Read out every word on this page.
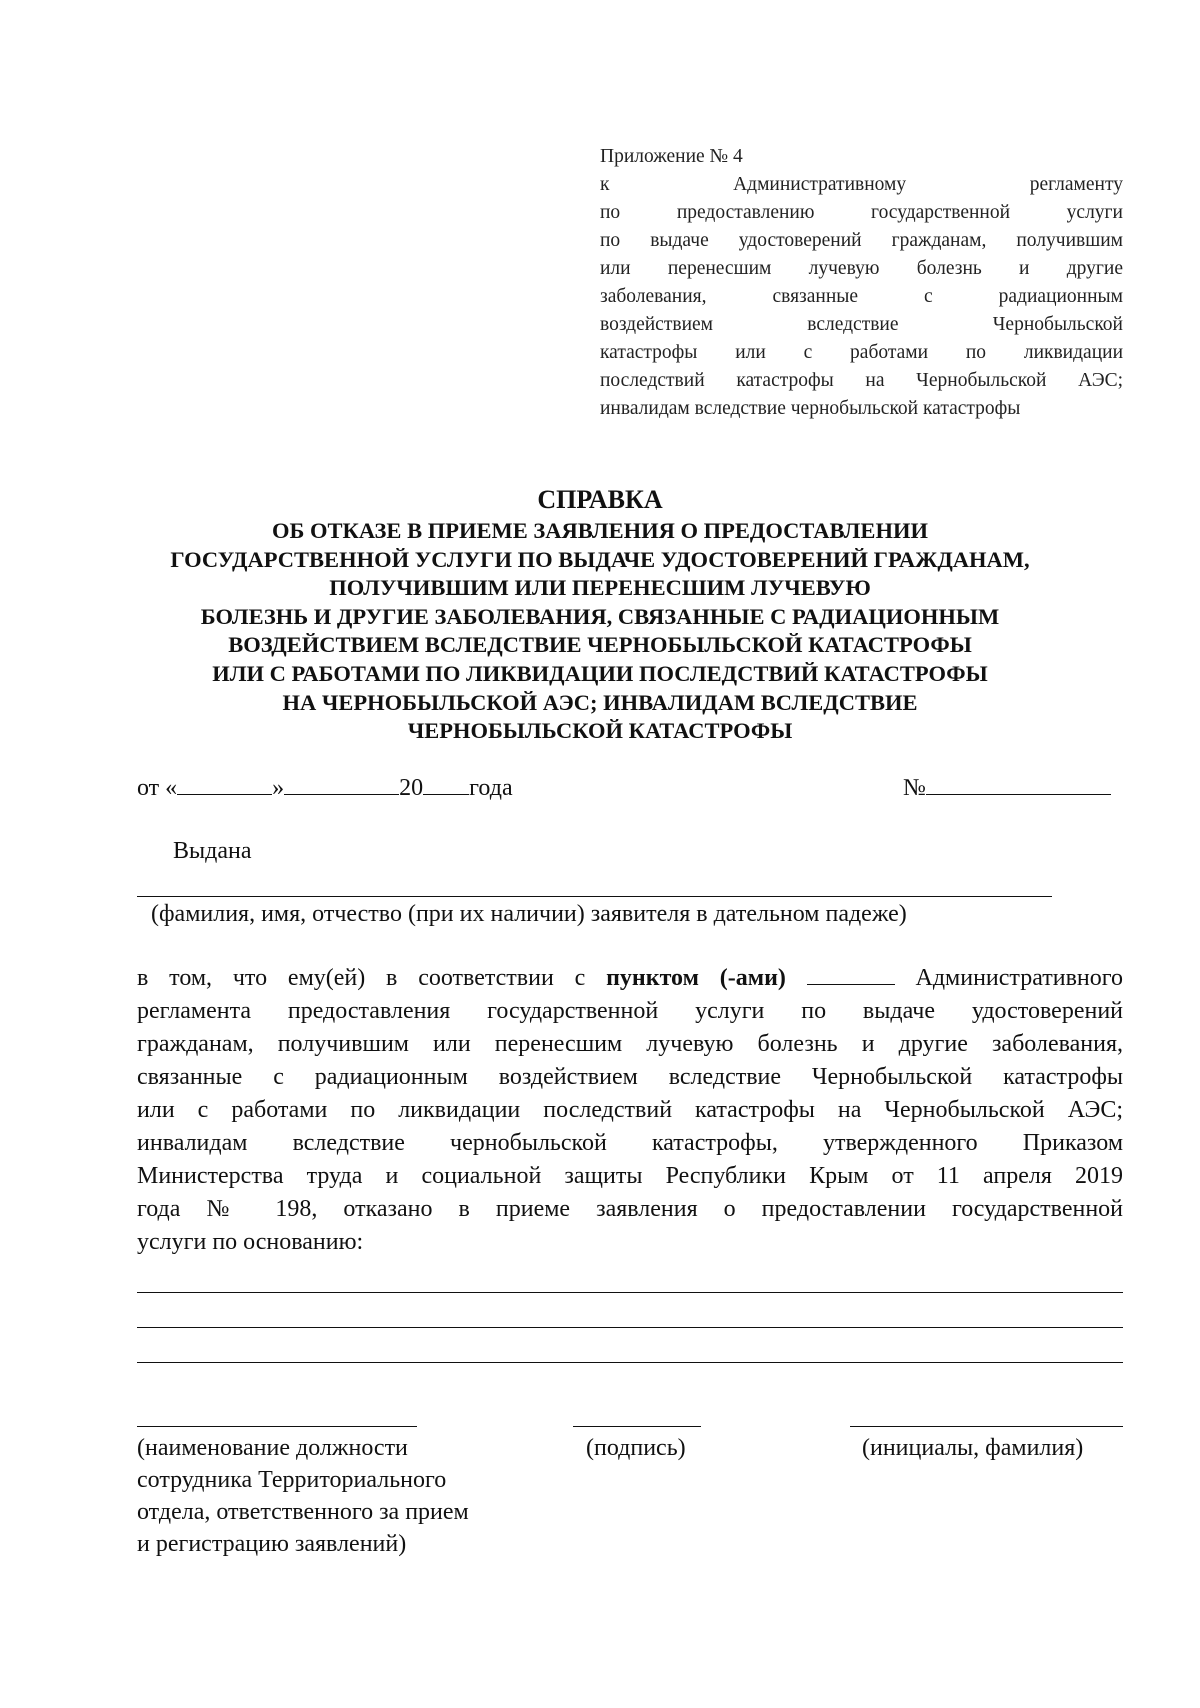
Приложение № 4
к Административному регламенту
по предоставлению государственной услуги
по выдаче удостоверений гражданам, получившим
или перенесшим лучевую болезнь и другие
заболевания, связанные с радиационным
воздействием вследствие Чернобыльской
катастрофы или с работами по ликвидации
последствий катастрофы на Чернобыльской АЭС;
инвалидам вследствие чернобыльской катастрофы
СПРАВКА
ОБ ОТКАЗЕ В ПРИЕМЕ ЗАЯВЛЕНИЯ О ПРЕДОСТАВЛЕНИИ
ГОСУДАРСТВЕННОЙ УСЛУГИ ПО ВЫДАЧЕ УДОСТОВЕРЕНИЙ ГРАЖДАНАМ,
ПОЛУЧИВШИМ ИЛИ ПЕРЕНЕСШИМ ЛУЧЕВУЮ
БОЛЕЗНЬ И ДРУГИЕ ЗАБОЛЕВАНИЯ, СВЯЗАННЫЕ С РАДИАЦИОННЫМ
ВОЗДЕЙСТВИЕМ ВСЛЕДСТВИЕ ЧЕРНОБЫЛЬСКОЙ КАТАСТРОФЫ
ИЛИ С РАБОТАМИ ПО ЛИКВИДАЦИИ ПОСЛЕДСТВИЙ КАТАСТРОФЫ
НА ЧЕРНОБЫЛЬСКОЙ АЭС; ИНВАЛИДАМ ВСЛЕДСТВИЕ
ЧЕРНОБЫЛЬСКОЙ КАТАСТРОФЫ
от «	»	20 года	№
Выдана
(фамилия, имя, отчество (при их наличии) заявителя в дательном падеже)
в том, что ему(ей) в соответствии с пунктом (-ами)	Административного
регламента предоставления государственной услуги по выдаче удостоверений
гражданам, получившим или перенесшим лучевую болезнь и другие заболевания,
связанные с радиационным воздействием вследствие Чернобыльской катастрофы
или с работами по ликвидации последствий катастрофы на Чернобыльской АЭС;
инвалидам вследствие чернобыльской катастрофы, утвержденного Приказом
Министерства труда и социальной защиты Республики Крым от 11 апреля 2019
года № 198, отказано в приеме заявления о предоставлении государственной
услуги по основанию:
(наименование должности
сотрудника Территориального
отдела, ответственного за прием
и регистрацию заявлений)
(подпись)	(инициалы, фамилия)
